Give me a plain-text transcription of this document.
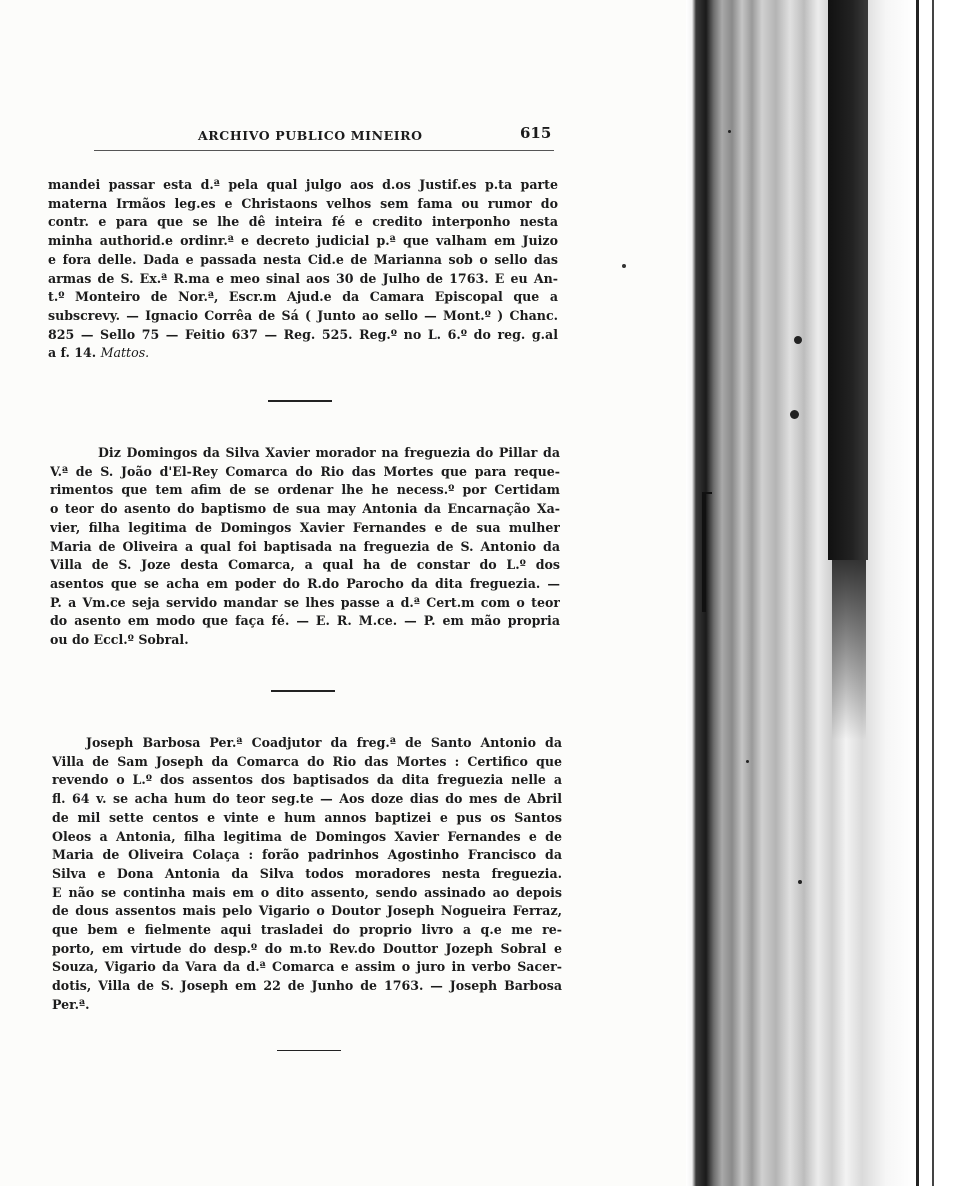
ARCHIVO PUBLICO MINEIRO	615

mandei passar esta d.ª pela qual julgo aos d.os Justif.es p.ta parte
materna Irmãos leg.es e Christaons velhos sem fama ou rumor do
contr. e para que se lhe dê inteira fé e credito interponho nesta
minha authorid.e ordinr.ª e decreto judicial p.ª que valham em Juizo
e fora delle. Dada e passada nesta Cid.e de Marianna sob o sello das
armas de S. Ex.ª R.ma e meo sinal aos 30 de Julho de 1763. E eu An-
t.º Monteiro de Nor.ª, Escr.m Ajud.e da Camara Episcopal que a
subscrevy. — Ignacio Corrêa de Sá ( Junto ao sello — Mont.º ) Chanc.
825 — Sello 75 — Feitio 637 — Reg. 525. Reg.º no L. 6.º do reg. g.al
a f. 14. Mattos.

Diz Domingos da Silva Xavier morador na freguezia do Pillar da
V.ª de S. João d'El-Rey Comarca do Rio das Mortes que para reque-
rimentos que tem afim de se ordenar lhe he necess.º por Certidam
o teor do asento do baptismo de sua may Antonia da Encarnação Xa-
vier, filha legitima de Domingos Xavier Fernandes e de sua mulher
Maria de Oliveira a qual foi baptisada na freguezia de S. Antonio da
Villa de S. Joze desta Comarca, a qual ha de constar do L.º dos
asentos que se acha em poder do R.do Parocho da dita freguezia. —
P. a Vm.ce seja servido mandar se lhes passe a d.ª Cert.m com o teor
do asento em modo que faça fé. — E. R. M.ce. — P. em mão propria
ou do Eccl.º Sobral.

Joseph Barbosa Per.ª Coadjutor da freg.ª de Santo Antonio da
Villa de Sam Joseph da Comarca do Rio das Mortes : Certifico que
revendo o L.º dos assentos dos baptisados da dita freguezia nelle a
fl. 64 v. se acha hum do teor seg.te — Aos doze dias do mes de Abril
de mil sette centos e vinte e hum annos baptizei e pus os Santos
Oleos a Antonia, filha legitima de Domingos Xavier Fernandes e de
Maria de Oliveira Colaça : forão padrinhos Agostinho Francisco da
Silva e Dona Antonia da Silva todos moradores nesta freguezia.
E não se continha mais em o dito assento, sendo assinado ao depois
de dous assentos mais pelo Vigario o Doutor Joseph Nogueira Ferraz,
que bem e fielmente aqui trasladei do proprio livro a q.e me re-
porto, em virtude do desp.º do m.to Rev.do Douttor Jozeph Sobral e
Souza, Vigario da Vara da d.ª Comarca e assim o juro in verbo Sacer-
dotis, Villa de S. Joseph em 22 de Junho de 1763. — Joseph Barbosa
Per.ª.
